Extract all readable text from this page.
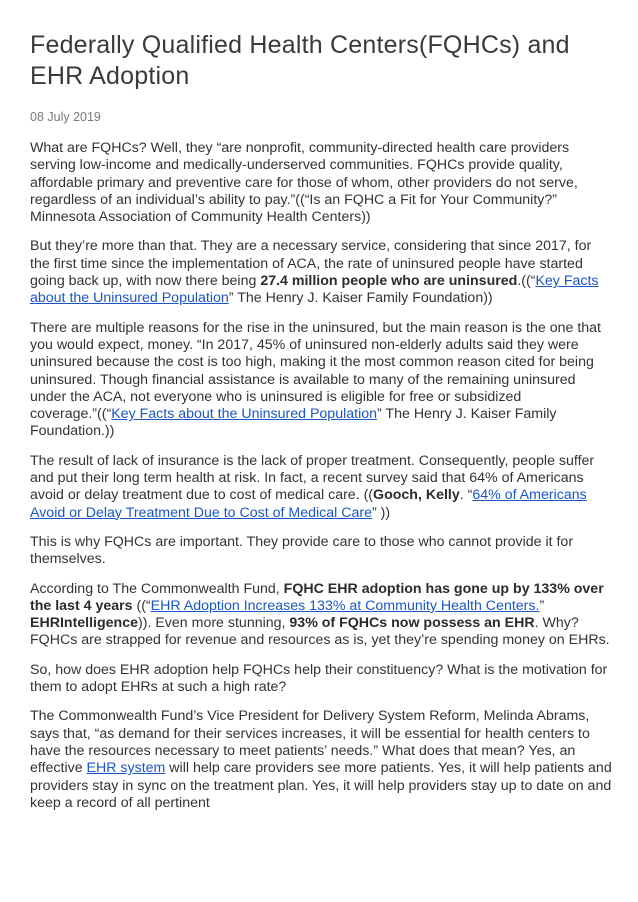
Federally Qualified Health Centers(FQHCs) and EHR Adoption
08 July 2019

What are FQHCs? Well, they “are nonprofit, community-directed health care providers serving low-income and medically-underserved communities. FQHCs provide quality, affordable primary and preventive care for those of whom, other providers do not serve, regardless of an individual’s ability to pay.”((“Is an FQHC a Fit for Your Community?” Minnesota Association of Community Health Centers))

But they’re more than that. They are a necessary service, considering that since 2017, for the first time since the implementation of ACA, the rate of uninsured people have started going back up, with now there being 27.4 million people who are uninsured.((“Key Facts about the Uninsured Population” The Henry J. Kaiser Family Foundation))

There are multiple reasons for the rise in the uninsured, but the main reason is the one that you would expect, money. “In 2017, 45% of uninsured non-elderly adults said they were uninsured because the cost is too high, making it the most common reason cited for being uninsured. Though financial assistance is available to many of the remaining uninsured under the ACA, not everyone who is uninsured is eligible for free or subsidized coverage.”((“Key Facts about the Uninsured Population” The Henry J. Kaiser Family Foundation.))

The result of lack of insurance is the lack of proper treatment. Consequently, people suffer and put their long term health at risk. In fact, a recent survey said that 64% of Americans avoid or delay treatment due to cost of medical care. ((Gooch, Kelly. “64% of Americans Avoid or Delay Treatment Due to Cost of Medical Care” ))

This is why FQHCs are important. They provide care to those who cannot provide it for themselves.

According to The Commonwealth Fund, FQHC EHR adoption has gone up by 133% over the last 4 years ((“EHR Adoption Increases 133% at Community Health Centers.” EHRIntelligence)). Even more stunning, 93% of FQHCs now possess an EHR. Why? FQHCs are strapped for revenue and resources as is, yet they’re spending money on EHRs.

So, how does EHR adoption help FQHCs help their constituency? What is the motivation for them to adopt EHRs at such a high rate?

The Commonwealth Fund’s Vice President for Delivery System Reform, Melinda Abrams, says that, “as demand for their services increases, it will be essential for health centers to have the resources necessary to meet patients’ needs.” What does that mean? Yes, an effective EHR system will help care providers see more patients. Yes, it will help patients and providers stay in sync on the treatment plan. Yes, it will help providers stay up to date on and keep a record of all pertinent
